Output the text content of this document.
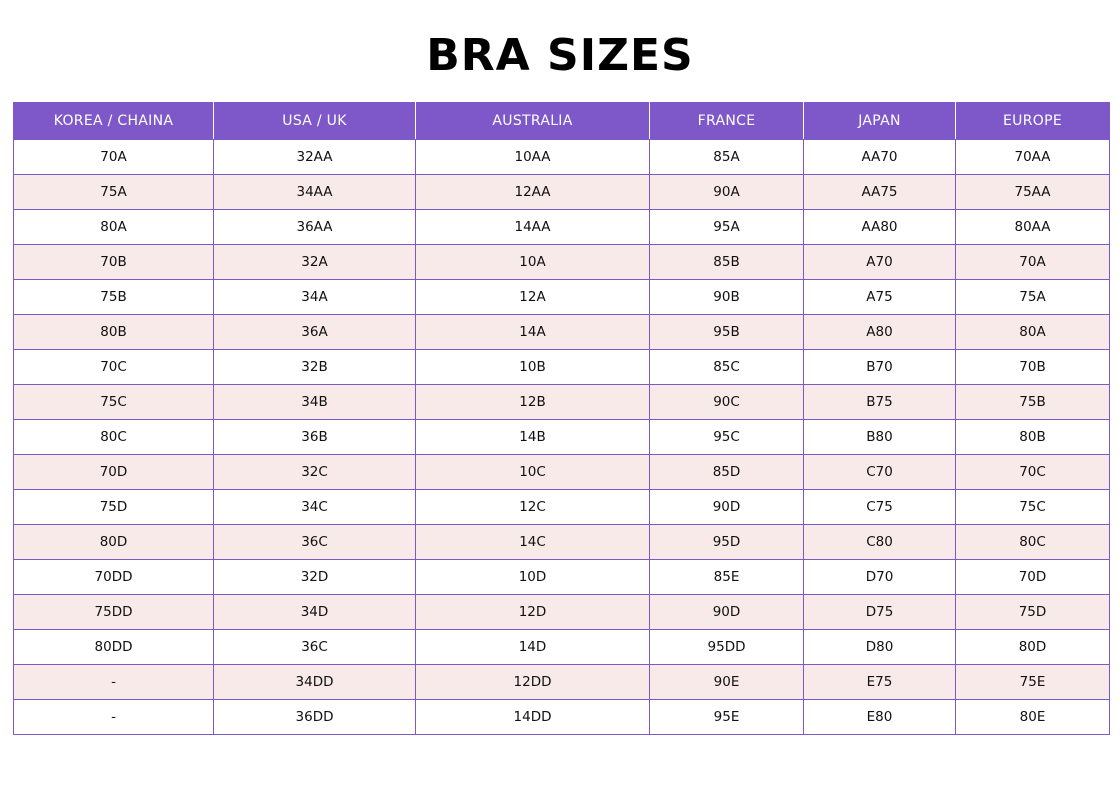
BRA SIZES
KOREA / CHAINA	USA / UK	AUSTRALIA	FRANCE	JAPAN	EUROPE
70A	32AA	10AA	85A	AA70	70AA
75A	34AA	12AA	90A	AA75	75AA
80A	36AA	14AA	95A	AA80	80AA
70B	32A	10A	85B	A70	70A
75B	34A	12A	90B	A75	75A
80B	36A	14A	95B	A80	80A
70C	32B	10B	85C	B70	70B
75C	34B	12B	90C	B75	75B
80C	36B	14B	95C	B80	80B
70D	32C	10C	85D	C70	70C
75D	34C	12C	90D	C75	75C
80D	36C	14C	95D	C80	80C
70DD	32D	10D	85E	D70	70D
75DD	34D	12D	90D	D75	75D
80DD	36C	14D	95DD	D80	80D
-	34DD	12DD	90E	E75	75E
-	36DD	14DD	95E	E80	80E
